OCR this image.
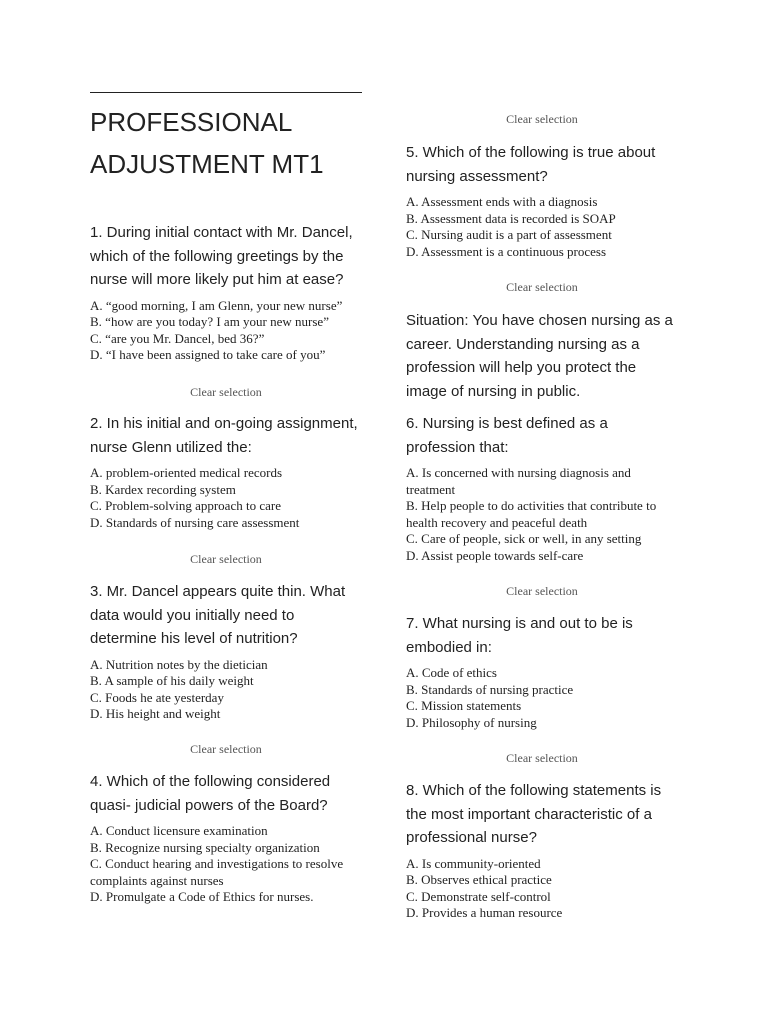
PROFESSIONAL ADJUSTMENT MT1

1. During initial contact with Mr. Dancel, which of the following greetings by the nurse will more likely put him at ease?

A. “good morning, I am Glenn, your new nurse”
B. “how are you today? I am your new nurse”
C. “are you Mr. Dancel, bed 36?”
D. “I have been assigned to take care of you”
Clear selection

2. In his initial and on-going assignment, nurse Glenn utilized the:

A. problem-oriented medical records
B. Kardex recording system
C. Problem-solving approach to care
D. Standards of nursing care assessment
Clear selection

3. Mr. Dancel appears quite thin. What data would you initially need to determine his level of nutrition?

A. Nutrition notes by the dietician
B. A sample of his daily weight
C. Foods he ate yesterday
D. His height and weight
Clear selection

4. Which of the following considered quasi- judicial powers of the Board?

A. Conduct licensure examination
B. Recognize nursing specialty organization
C. Conduct hearing and investigations to resolve complaints against nurses
D. Promulgate a Code of Ethics for nurses.
Clear selection

5. Which of the following is true about nursing assessment?

A. Assessment ends with a diagnosis
B. Assessment data is recorded is SOAP
C. Nursing audit is a part of assessment
D. Assessment is a continuous process
Clear selection

Situation: You have chosen nursing as a career. Understanding nursing as a profession will help you protect the image of nursing in public.

6. Nursing is best defined as a profession that:

A. Is concerned with nursing diagnosis and treatment
B. Help people to do activities that contribute to health recovery and peaceful death
C. Care of people, sick or well, in any setting
D. Assist people towards self-care
Clear selection

7. What nursing is and out to be is embodied in:

A. Code of ethics
B. Standards of nursing practice
C. Mission statements
D. Philosophy of nursing
Clear selection

8. Which of the following statements is the most important characteristic of a professional nurse?

A. Is community-oriented
B. Observes ethical practice
C. Demonstrate self-control
D. Provides a human resource
